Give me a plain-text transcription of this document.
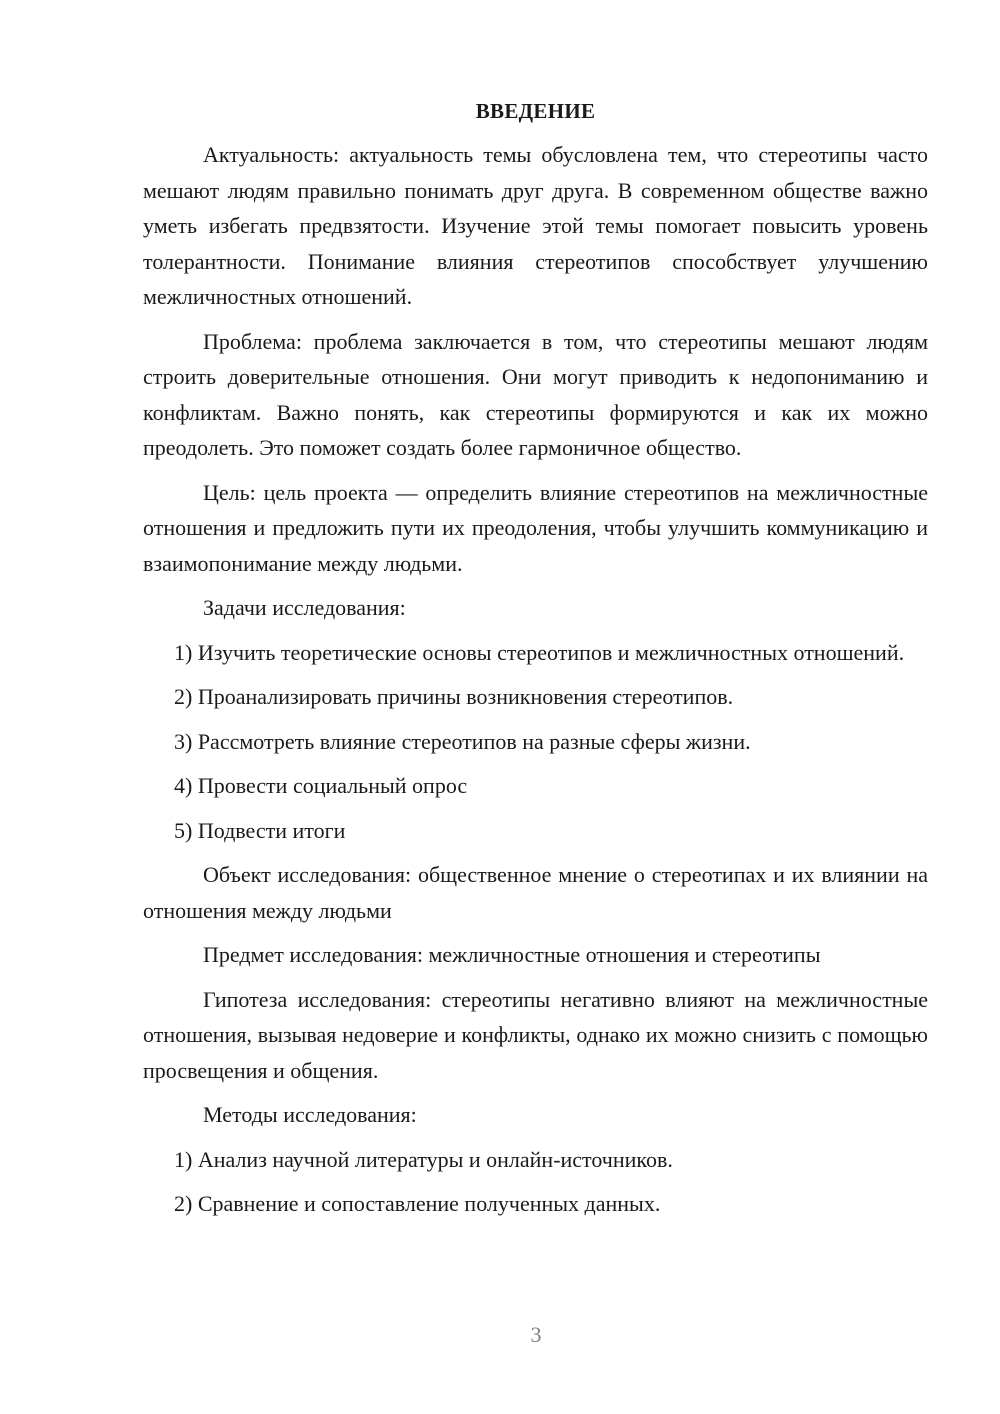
ВВЕДЕНИЕ

Актуальность: актуальность темы обусловлена тем, что стереотипы часто мешают людям правильно понимать друг друга. В современном обществе важно уметь избегать предвзятости. Изучение этой темы помогает повысить уровень толерантности. Понимание влияния стереотипов способствует улучшению межличностных отношений.

Проблема: проблема заключается в том, что стереотипы мешают людям строить доверительные отношения. Они могут приводить к недопониманию и конфликтам. Важно понять, как стереотипы формируются и как их можно преодолеть. Это поможет создать более гармоничное общество.

Цель: цель проекта — определить влияние стереотипов на межличностные отношения и предложить пути их преодоления, чтобы улучшить коммуникацию и взаимопонимание между людьми.

Задачи исследования:

1) Изучить теоретические основы стереотипов и межличностных отношений.

2) Проанализировать причины возникновения стереотипов.

3) Рассмотреть влияние стереотипов на разные сферы жизни.

4) Провести социальный опрос

5) Подвести итоги

Объект исследования: общественное мнение о стереотипах и их влиянии на отношения между людьми

Предмет исследования: межличностные отношения и стереотипы

Гипотеза исследования: стереотипы негативно влияют на межличностные отношения, вызывая недоверие и конфликты, однако их можно снизить с помощью просвещения и общения.

Методы исследования:

1) Анализ научной литературы и онлайн-источников.

2) Сравнение и сопоставление полученных данных.

3
